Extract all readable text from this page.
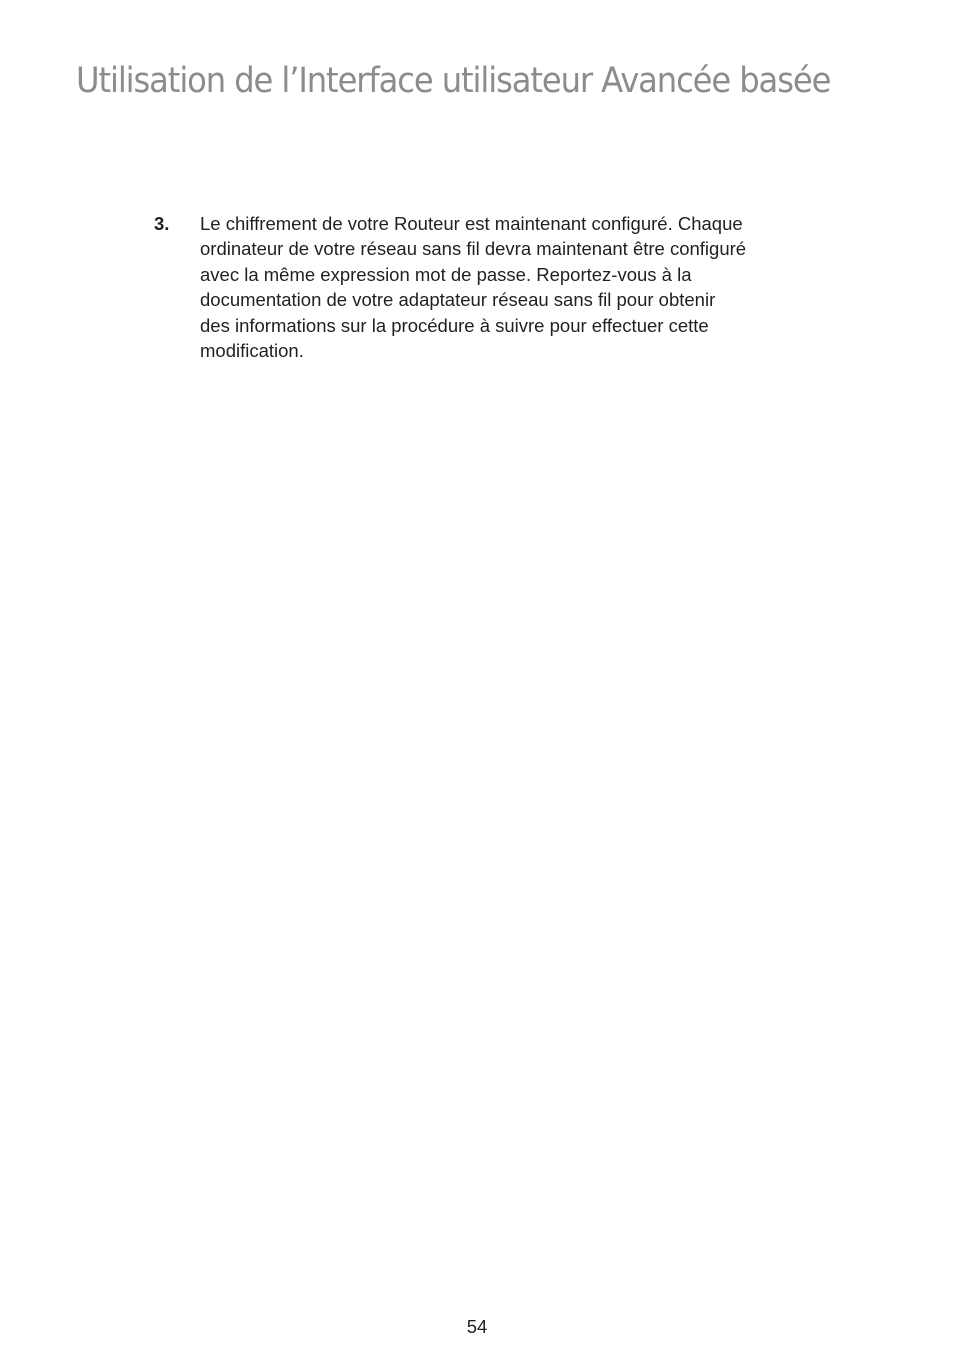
Utilisation de l’Interface utilisateur Avancée basée
3.	Le chiffrement de votre Routeur est maintenant configuré. Chaque
ordinateur de votre réseau sans fil devra maintenant être configuré
avec la même expression mot de passe. Reportez-vous à la
documentation de votre adaptateur réseau sans fil pour obtenir
des informations sur la procédure à suivre pour effectuer cette
modification.

54
